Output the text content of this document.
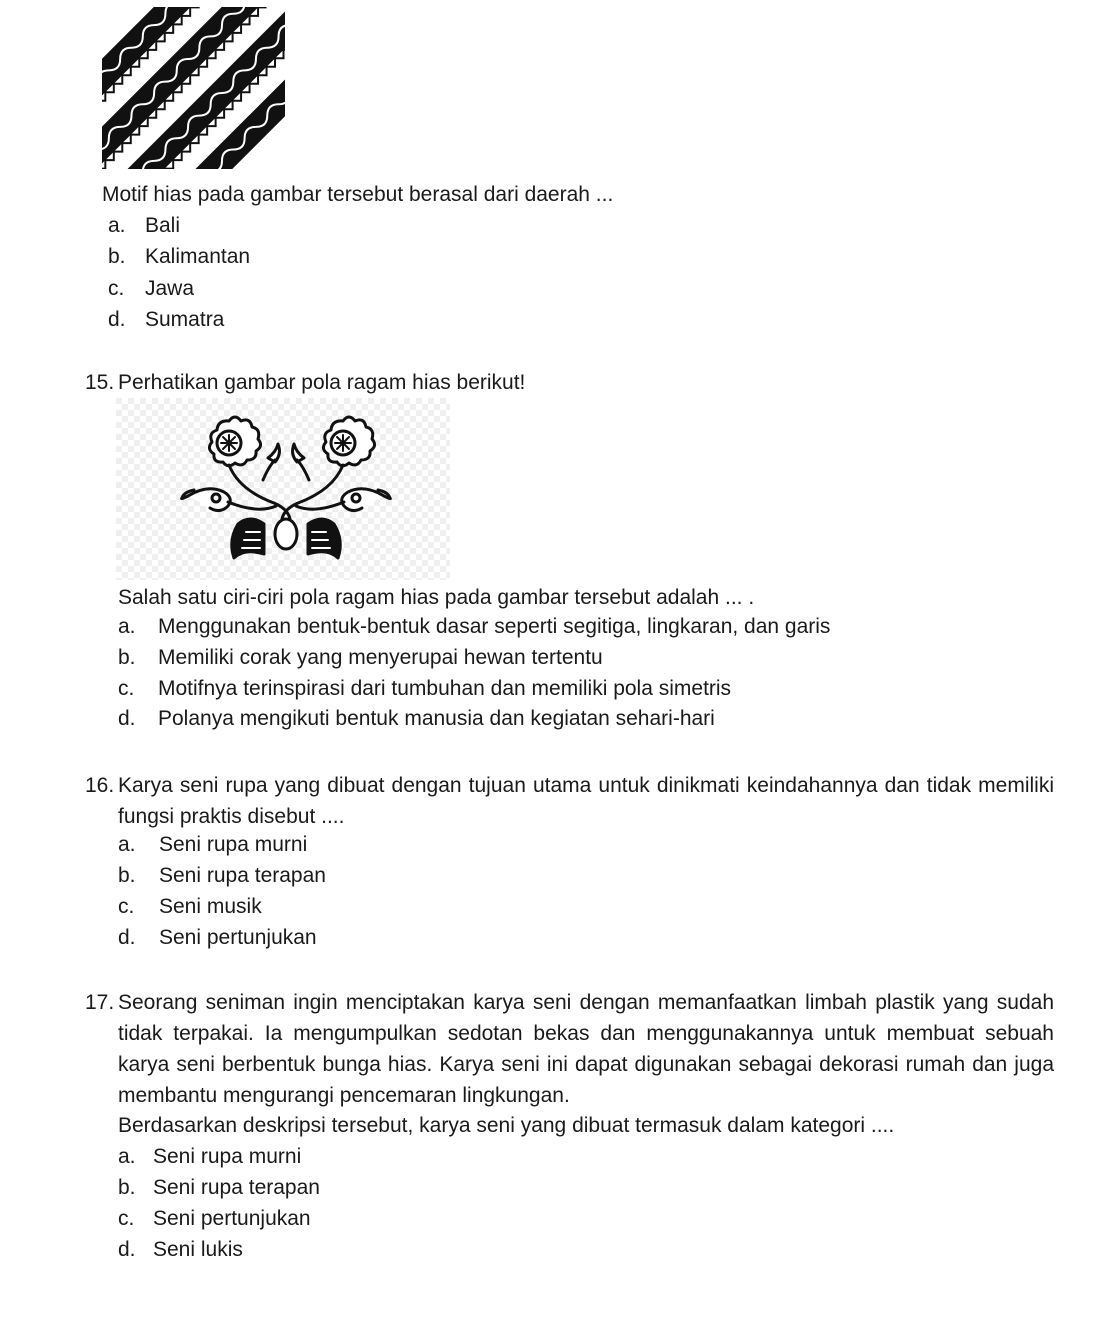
Motif hias pada gambar tersebut berasal dari daerah ...
a. Bali
b. Kalimantan
c. Jawa
d. Sumatra
15. Perhatikan gambar pola ragam hias berikut!
Salah satu ciri-ciri pola ragam hias pada gambar tersebut adalah ... .
a. Menggunakan bentuk-bentuk dasar seperti segitiga, lingkaran, dan garis
b. Memiliki corak yang menyerupai hewan tertentu
c. Motifnya terinspirasi dari tumbuhan dan memiliki pola simetris
d. Polanya mengikuti bentuk manusia dan kegiatan sehari-hari
16. Karya seni rupa yang dibuat dengan tujuan utama untuk dinikmati keindahannya dan tidak memiliki fungsi praktis disebut ....
a. Seni rupa murni
b. Seni rupa terapan
c. Seni musik
d. Seni pertunjukan
17. Seorang seniman ingin menciptakan karya seni dengan memanfaatkan limbah plastik yang sudah tidak terpakai. Ia mengumpulkan sedotan bekas dan menggunakannya untuk membuat sebuah karya seni berbentuk bunga hias. Karya seni ini dapat digunakan sebagai dekorasi rumah dan juga membantu mengurangi pencemaran lingkungan.
Berdasarkan deskripsi tersebut, karya seni yang dibuat termasuk dalam kategori ....
a. Seni rupa murni
b. Seni rupa terapan
c. Seni pertunjukan
d. Seni lukis
